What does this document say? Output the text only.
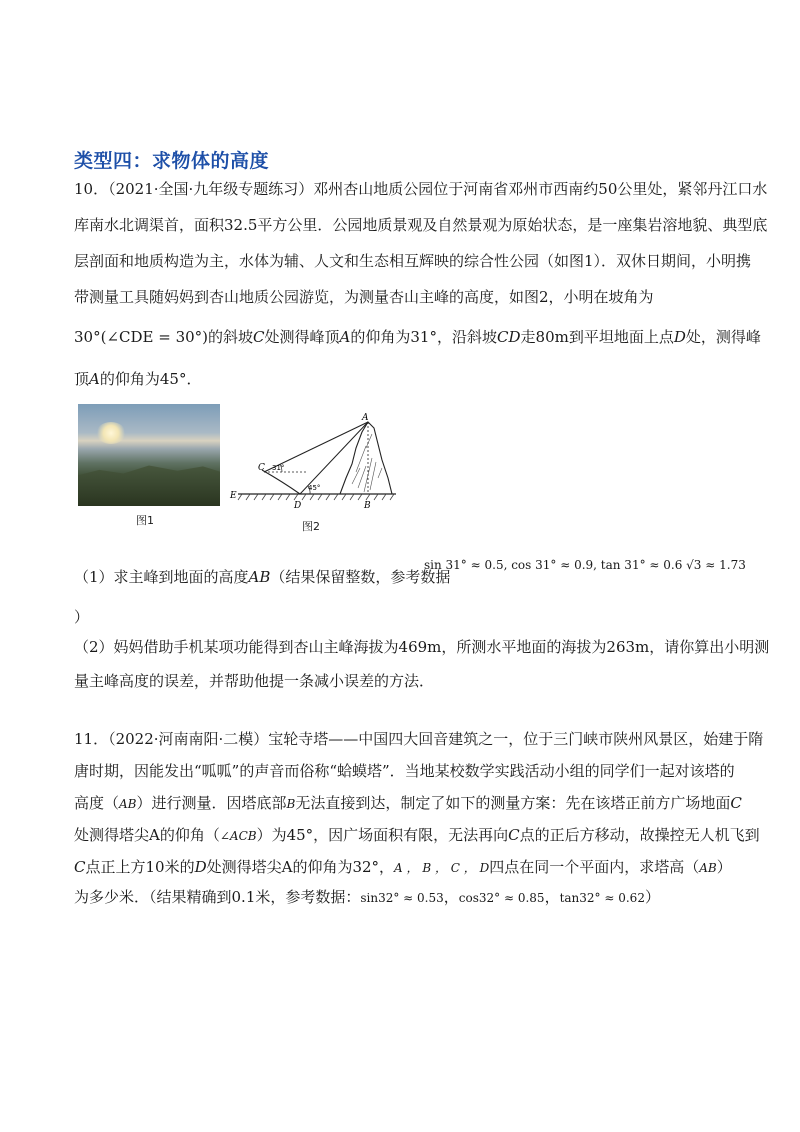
类型四：求物体的高度
10．（2021·全国·九年级专题练习）邓州杏山地质公园位于河南省邓州市西南约50公里处，紧邻丹江口水
库南水北调渠首，面积32.5平方公里．公园地质景观及自然景观为原始状态，是一座集岩溶地貌、典型底
层剖面和地质构造为主，水体为辅、人文和生态相互辉映的综合性公园（如图1）．双休日期间，小明携
带测量工具随妈妈到杏山地质公园游览，为测量杏山主峰的高度，如图2，小明在坡角为
30°(∠CDE = 30°)的斜坡C处测得峰顶A的仰角为31°，沿斜坡CD走80m到平坦地面上点D处，测得峰
顶A的仰角为45°．
图1
A
B
C
D
E
31°
45°
图2
（1）求主峰到地面的高度AB（结果保留整数，参考数据
sin 31° ≈ 0.5, cos 31° ≈ 0.9, tan 31° ≈ 0.6 √3 ≈ 1.73
）
（2）妈妈借助手机某项功能得到杏山主峰海拔为469m，所测水平地面的海拔为263m，请你算出小明测
量主峰高度的误差，并帮助他提一条减小误差的方法．
11．（2022·河南南阳·二模）宝轮寺塔——中国四大回音建筑之一，位于三门峡市陕州风景区，始建于隋
唐时期，因能发出“呱呱”的声音而俗称“蛤蟆塔”．当地某校数学实践活动小组的同学们一起对该塔的
高度（AB）进行测量．因塔底部B无法直接到达，制定了如下的测量方案：先在该塔正前方广场地面C
处测得塔尖A的仰角（∠ACB）为45°，因广场面积有限，无法再向C点的正后方移动，故操控无人机飞到
C点正上方10米的D处测得塔尖A的仰角为32°，A ， B ， C ， D四点在同一个平面内，求塔高（AB）
为多少米．（结果精确到0.1米，参考数据：sin32° ≈ 0.53，cos32° ≈ 0.85，tan32° ≈ 0.62）
